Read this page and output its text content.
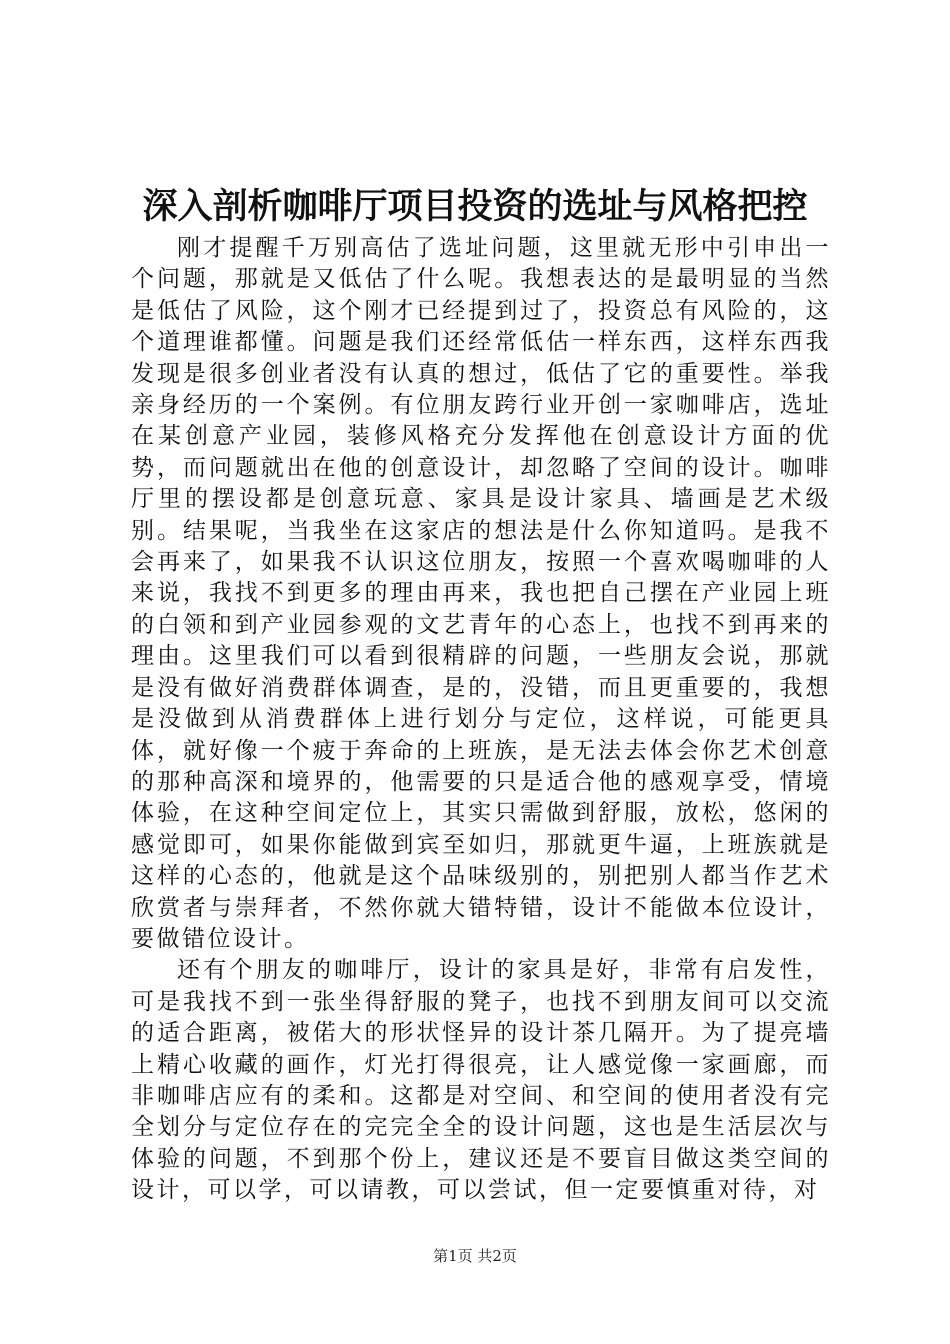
深入剖析咖啡厅项目投资的选址与风格把控

刚才提醒千万别高估了选址问题，这里就无形中引申出一个问题，那就是又低估了什么呢。我想表达的是最明显的当然是低估了风险，这个刚才已经提到过了，投资总有风险的，这个道理谁都懂。问题是我们还经常低估一样东西，这样东西我发现是很多创业者没有认真的想过，低估了它的重要性。举我亲身经历的一个案例。有位朋友跨行业开创一家咖啡店，选址在某创意产业园，装修风格充分发挥他在创意设计方面的优势，而问题就出在他的创意设计，却忽略了空间的设计。咖啡厅里的摆设都是创意玩意、家具是设计家具、墙画是艺术级别。结果呢，当我坐在这家店的想法是什么你知道吗。是我不会再来了，如果我不认识这位朋友，按照一个喜欢喝咖啡的人来说，我找不到更多的理由再来，我也把自己摆在产业园上班的白领和到产业园参观的文艺青年的心态上，也找不到再来的理由。这里我们可以看到很精辟的问题，一些朋友会说，那就是没有做好消费群体调查，是的，没错，而且更重要的，我想是没做到从消费群体上进行划分与定位，这样说，可能更具体，就好像一个疲于奔命的上班族，是无法去体会你艺术创意的那种高深和境界的，他需要的只是适合他的感观享受，情境体验，在这种空间定位上，其实只需做到舒服，放松，悠闲的感觉即可，如果你能做到宾至如归，那就更牛逼，上班族就是这样的心态的，他就是这个品味级别的，别把别人都当作艺术欣赏者与崇拜者，不然你就大错特错，设计不能做本位设计，要做错位设计。

还有个朋友的咖啡厅，设计的家具是好，非常有启发性，可是我找不到一张坐得舒服的凳子，也找不到朋友间可以交流的适合距离，被偌大的形状怪异的设计茶几隔开。为了提亮墙上精心收藏的画作，灯光打得很亮，让人感觉像一家画廊，而非咖啡店应有的柔和。这都是对空间、和空间的使用者没有完全划分与定位存在的完完全全的设计问题，这也是生活层次与体验的问题，不到那个份上，建议还是不要盲目做这类空间的设计，可以学，可以请教，可以尝试，但一定要慎重对待，对

第1页 共2页
